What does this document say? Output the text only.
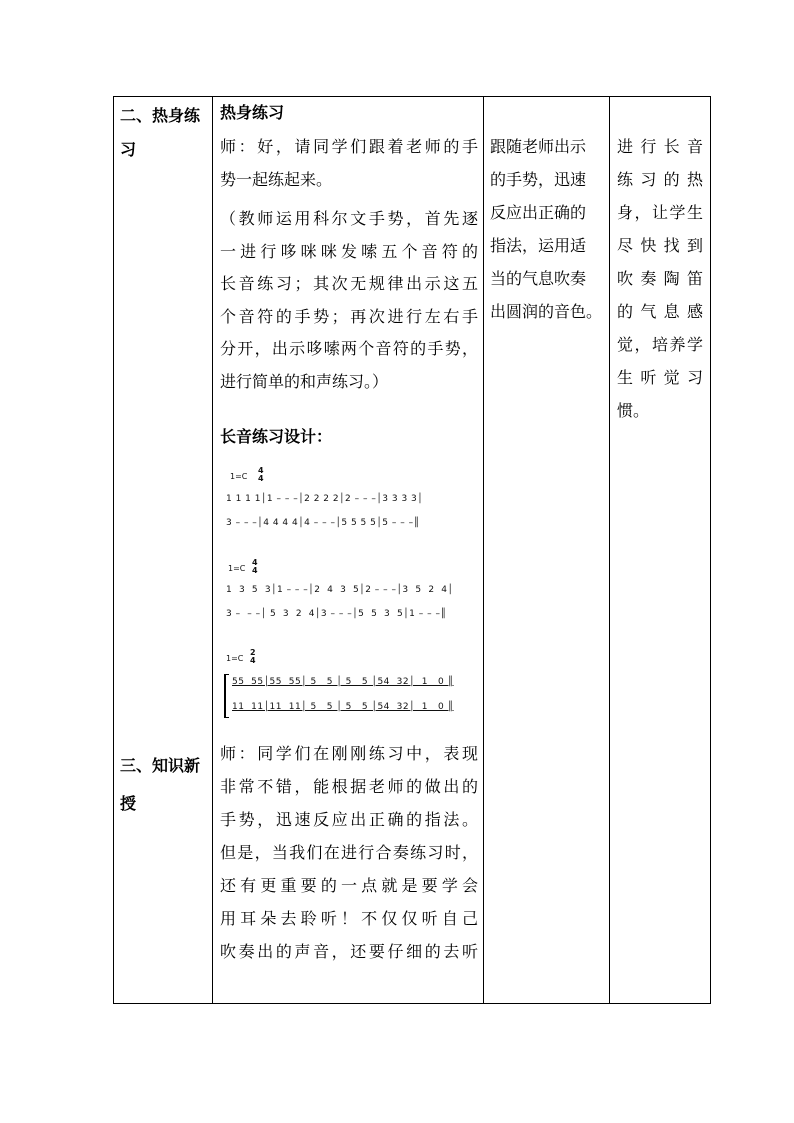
二、热身练
习
三、知识新
授
热身练习
师：好，请同学们跟着老师的手
势一起练起来。
（教师运用科尔文手势，首先逐
一进行哆咪咪发嗦五个音符的
长音练习；其次无规律出示这五
个音符的手势；再次进行左右手
分开，出示哆嗦两个音符的手势，
进行简单的和声练习。）
长音练习设计：
1=C
4
4
1 1 1 1│1 – – –│2 2 2 2│2 – – –│3 3 3 3│
3 – – –│4 4 4 4│4 – – –│5 5 5 5│5 – – –║
1=C
4
4
1  3  5  3│1 – – –│2  4  3  5│2 – – –│3  5  2  4│
3 –  – –│ 5  3  2  4│3 – – –│5  5  3  5│1 – – –║
1=C
2
4
55  55│55  55│ 5   5 │ 5   5 │54  32│  1   0 ║
11  11│11  11│ 5   5 │ 5   5 │54  32│  1   0 ║
师：同学们在刚刚练习中，表现
非常不错，能根据老师的做出的
手势，迅速反应出正确的指法。
但是，当我们在进行合奏练习时，
还有更重要的一点就是要学会
用耳朵去聆听！不仅仅听自己
吹奏出的声音，还要仔细的去听
跟随老师出示
的手势，迅速
反应出正确的
指法，运用适
当的气息吹奏
出圆润的音色。
进行长音
练习的热
身，让学生
尽快找到
吹奏陶笛
的气息感
觉，培养学
生听觉习
惯。
